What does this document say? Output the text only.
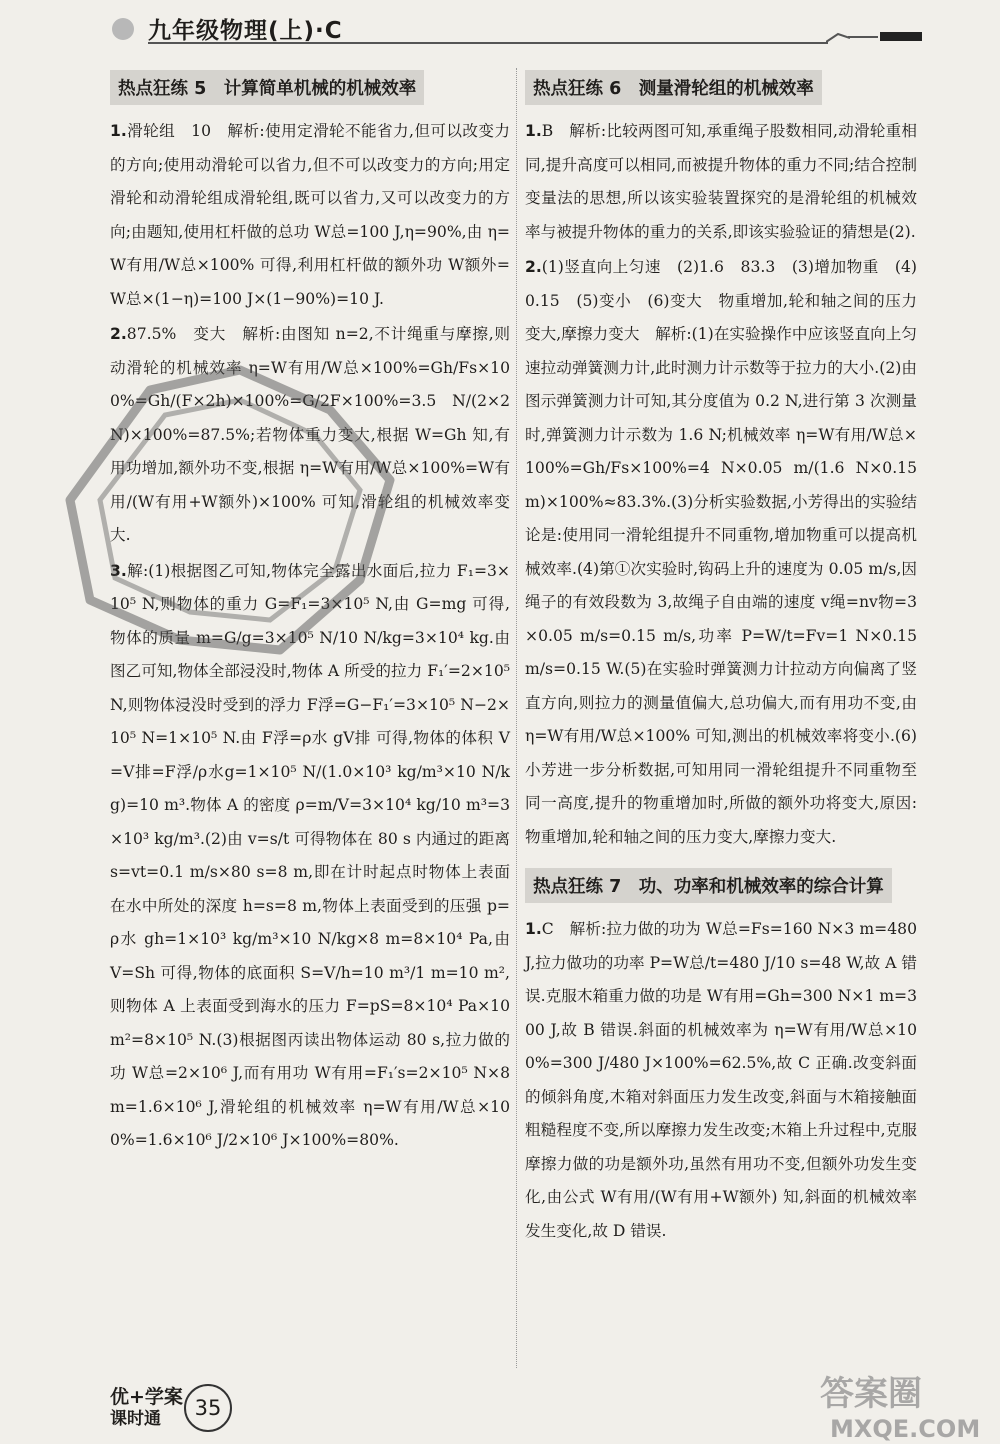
九年级物理(上)·C
热点狂练 5　计算简单机械的机械效率

1.滑轮组　10　解析:使用定滑轮不能省力,但可以改变力的方向;使用动滑轮可以省力,但不可以改变力的方向;用定滑轮和动滑轮组成滑轮组,既可以省力,又可以改变力的方向;由题知,使用杠杆做的总功 W总=100 J,η=90%,由 η=W有用/W总×100% 可得,利用杠杆做的额外功 W额外=W总×(1−η)=100 J×(1−90%)=10 J.

2.87.5%　变大　解析:由图知 n=2,不计绳重与摩擦,则动滑轮的机械效率 η=W有用/W总×100%=Gh/Fs×100%=Gh/(F×2h)×100%=G/2F×100%=3.5 N/(2×2 N)×100%=87.5%;若物体重力变大,根据 W=Gh 知,有用功增加,额外功不变,根据 η=W有用/W总×100%=W有用/(W有用+W额外)×100% 可知,滑轮组的机械效率变大.

3.解:(1)根据图乙可知,物体完全露出水面后,拉力 F₁=3×10⁵ N,则物体的重力 G=F₁=3×10⁵ N,由 G=mg 可得,物体的质量 m=G/g=3×10⁵ N/10 N/kg=3×10⁴ kg.由图乙可知,物体全部浸没时,物体 A 所受的拉力 F₁′=2×10⁵ N,则物体浸没时受到的浮力 F浮=G−F₁′=3×10⁵ N−2×10⁵ N=1×10⁵ N.由 F浮=ρ水 gV排 可得,物体的体积 V=V排=F浮/ρ水g=1×10⁵ N/(1.0×10³ kg/m³×10 N/kg)=10 m³.物体 A 的密度 ρ=m/V=3×10⁴ kg/10 m³=3×10³ kg/m³.(2)由 v=s/t 可得物体在 80 s 内通过的距离 s=vt=0.1 m/s×80 s=8 m,即在计时起点时物体上表面在水中所处的深度 h=s=8 m,物体上表面受到的压强 p=ρ水 gh=1×10³ kg/m³×10 N/kg×8 m=8×10⁴ Pa,由 V=Sh 可得,物体的底面积 S=V/h=10 m³/1 m=10 m²,则物体 A 上表面受到海水的压力 F=pS=8×10⁴ Pa×10 m²=8×10⁵ N.(3)根据图丙读出物体运动 80 s,拉力做的功 W总=2×10⁶ J,而有用功 W有用=F₁′s=2×10⁵ N×8 m=1.6×10⁶ J,滑轮组的机械效率 η=W有用/W总×100%=1.6×10⁶ J/2×10⁶ J×100%=80%.

热点狂练 6　测量滑轮组的机械效率

1.B　解析:比较两图可知,承重绳子股数相同,动滑轮重相同,提升高度可以相同,而被提升物体的重力不同;结合控制变量法的思想,所以该实验装置探究的是滑轮组的机械效率与被提升物体的重力的关系,即该实验验证的猜想是(2).

2.(1)竖直向上匀速　(2)1.6　83.3　(3)增加物重　(4)0.15　(5)变小　(6)变大　物重增加,轮和轴之间的压力变大,摩擦力变大　解析:(1)在实验操作中应该竖直向上匀速拉动弹簧测力计,此时测力计示数等于拉力的大小.(2)由图示弹簧测力计可知,其分度值为 0.2 N,进行第 3 次测量时,弹簧测力计示数为 1.6 N;机械效率 η=W有用/W总×100%=Gh/Fs×100%=4 N×0.05 m/(1.6 N×0.15 m)×100%≈83.3%.(3)分析实验数据,小芳得出的实验结论是:使用同一滑轮组提升不同重物,增加物重可以提高机械效率.(4)第①次实验时,钩码上升的速度为 0.05 m/s,因绳子的有效段数为 3,故绳子自由端的速度 v绳=nv物=3×0.05 m/s=0.15 m/s,功率 P=W/t=Fv=1 N×0.15 m/s=0.15 W.(5)在实验时弹簧测力计拉动方向偏离了竖直方向,则拉力的测量值偏大,总功偏大,而有用功不变,由 η=W有用/W总×100% 可知,测出的机械效率将变小.(6)小芳进一步分析数据,可知用同一滑轮组提升不同重物至同一高度,提升的物重增加时,所做的额外功将变大,原因:物重增加,轮和轴之间的压力变大,摩擦力变大.

热点狂练 7　功、功率和机械效率的综合计算

1.C　解析:拉力做的功为 W总=Fs=160 N×3 m=480 J,拉力做功的功率 P=W总/t=480 J/10 s=48 W,故 A 错误.克服木箱重力做的功是 W有用=Gh=300 N×1 m=300 J,故 B 错误.斜面的机械效率为 η=W有用/W总×100%=300 J/480 J×100%=62.5%,故 C 正确.改变斜面的倾斜角度,木箱对斜面压力发生改变,斜面与木箱接触面粗糙程度不变,所以摩擦力发生改变;木箱上升过程中,克服摩擦力做的功是额外功,虽然有用功不变,但额外功发生变化,由公式 W有用/(W有用+W额外) 知,斜面的机械效率发生变化,故 D 错误.

优+学案
课时通	35	答案圈
MXQE.COM
